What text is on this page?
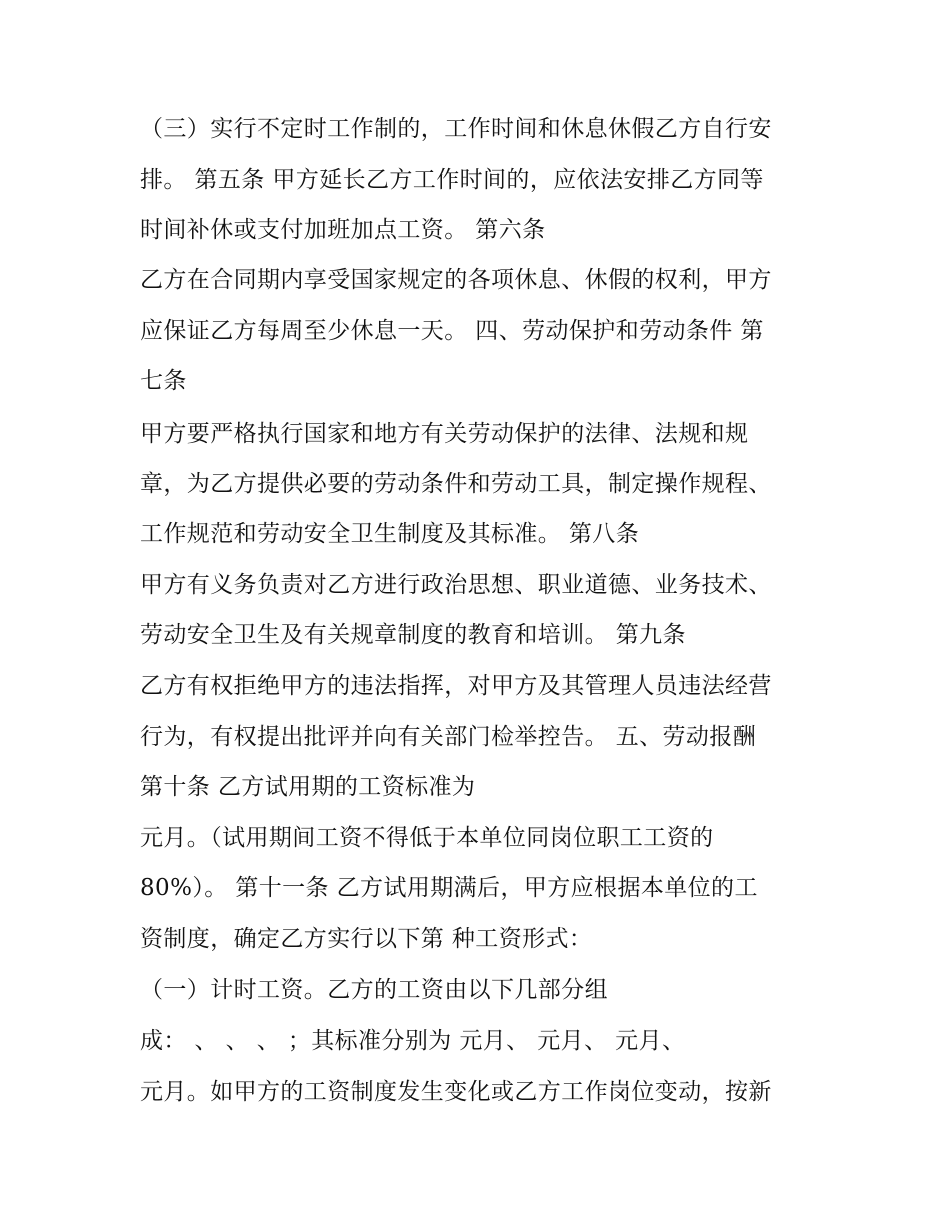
（三）实行不定时工作制的，工作时间和休息休假乙方自行安
排。 第五条 甲方延长乙方工作时间的，应依法安排乙方同等
时间补休或支付加班加点工资。 第六条
乙方在合同期内享受国家规定的各项休息、休假的权利，甲方
应保证乙方每周至少休息一天。 四、劳动保护和劳动条件 第
七条
甲方要严格执行国家和地方有关劳动保护的法律、法规和规
章，为乙方提供必要的劳动条件和劳动工具，制定操作规程、
工作规范和劳动安全卫生制度及其标准。 第八条
甲方有义务负责对乙方进行政治思想、职业道德、业务技术、
劳动安全卫生及有关规章制度的教育和培训。 第九条
乙方有权拒绝甲方的违法指挥，对甲方及其管理人员违法经营
行为，有权提出批评并向有关部门检举控告。 五、劳动报酬
第十条 乙方试用期的工资标准为
元月。（试用期间工资不得低于本单位同岗位职工工资的
80%）。 第十一条 乙方试用期满后，甲方应根据本单位的工
资制度，确定乙方实行以下第 种工资形式：
（一）计时工资。乙方的工资由以下几部分组
成： 、 、 、 ；其标准分别为 元月、 元月、 元月、
元月。如甲方的工资制度发生变化或乙方工作岗位变动，按新
